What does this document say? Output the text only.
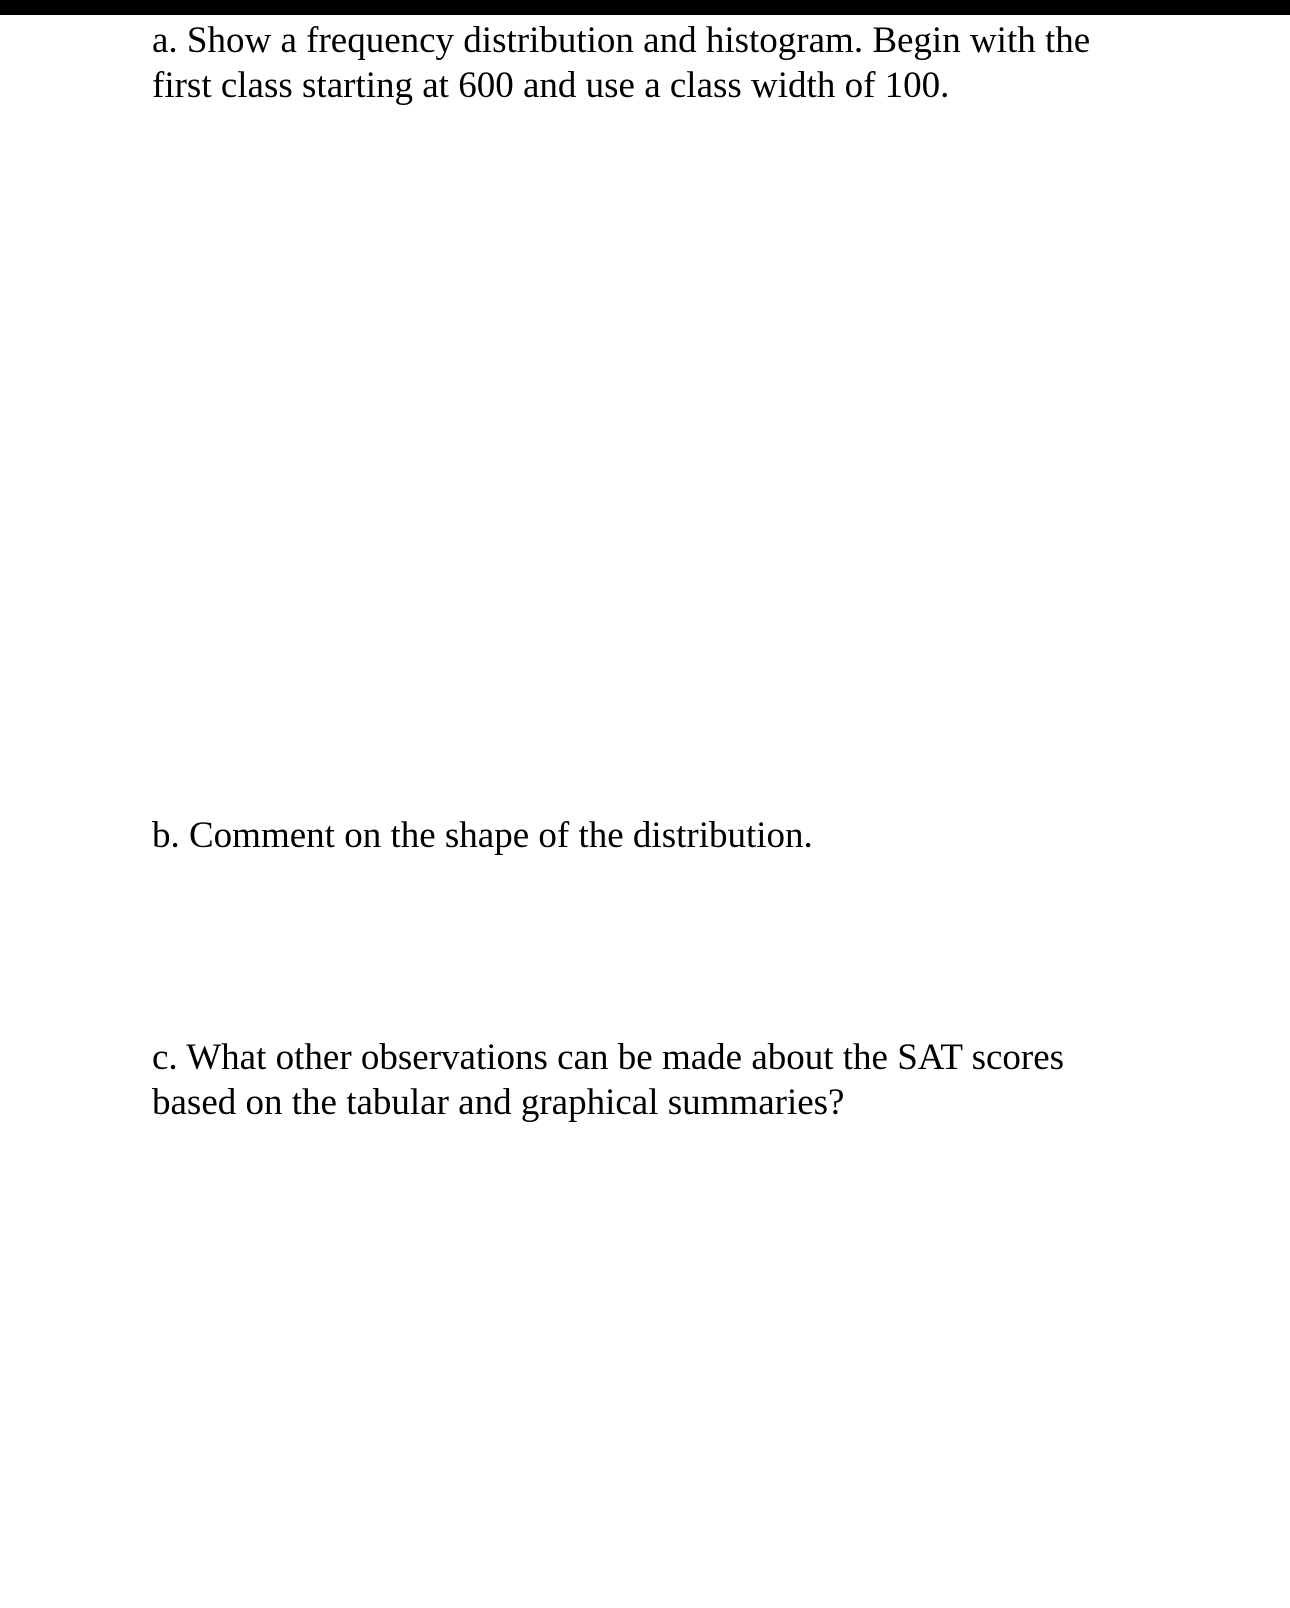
a. Show a frequency distribution and histogram. Begin with the
first class starting at 600 and use a class width of 100.

b. Comment on the shape of the distribution.

c. What other observations can be made about the SAT scores
based on the tabular and graphical summaries?
